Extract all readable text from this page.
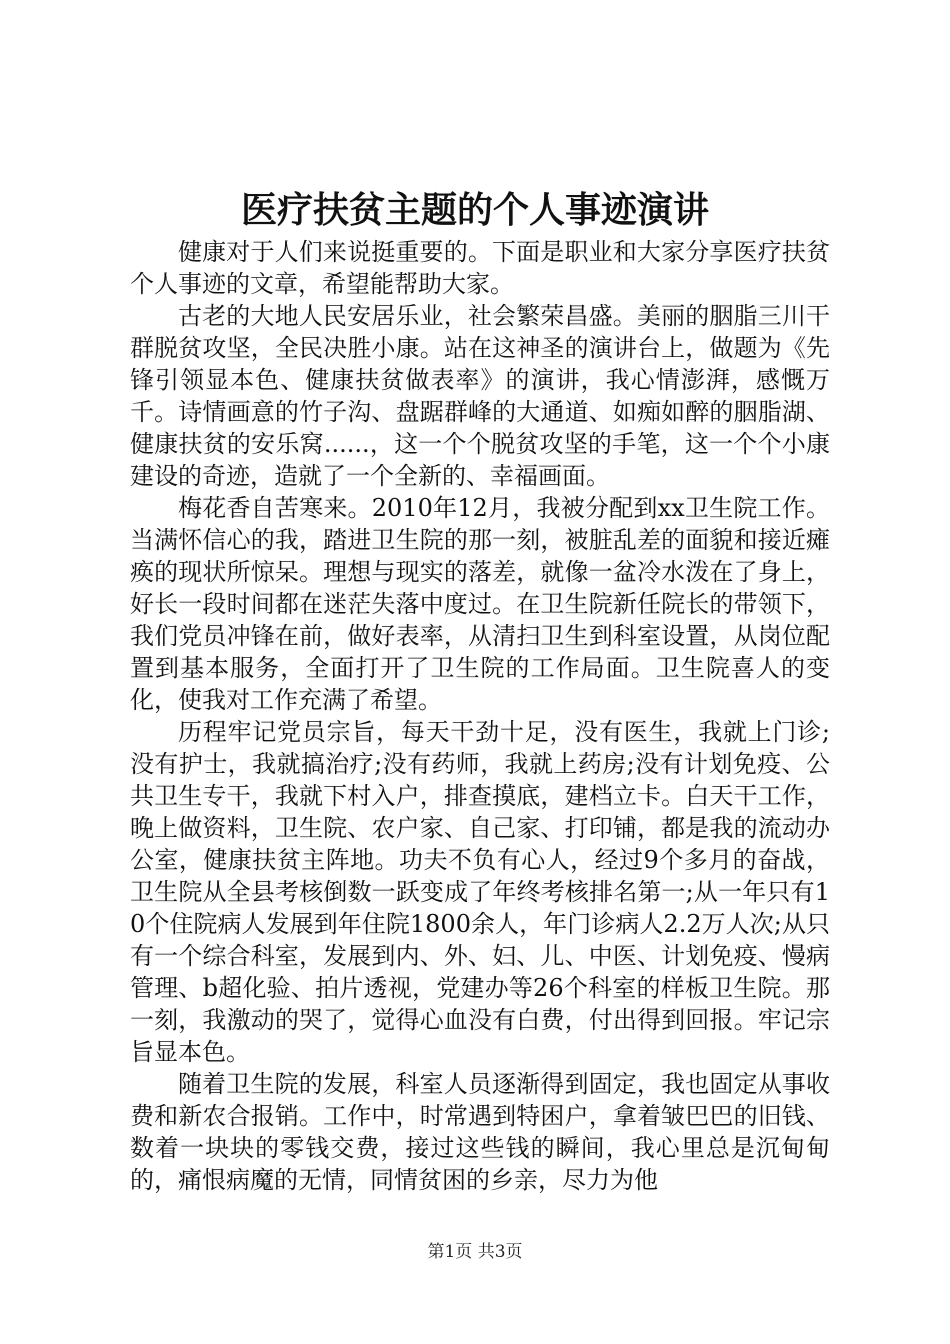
医疗扶贫主题的个人事迹演讲

健康对于人们来说挺重要的。下面是职业和大家分享医疗扶贫个人事迹的文章，希望能帮助大家。

古老的大地人民安居乐业，社会繁荣昌盛。美丽的胭脂三川干群脱贫攻坚，全民决胜小康。站在这神圣的演讲台上，做题为《先锋引领显本色、健康扶贫做表率》的演讲，我心情澎湃，感慨万千。诗情画意的竹子沟、盘踞群峰的大通道、如痴如醉的胭脂湖、健康扶贫的安乐窝......，这一个个脱贫攻坚的手笔，这一个个小康建设的奇迹，造就了一个全新的、幸福画面。

梅花香自苦寒来。2010年12月，我被分配到xx卫生院工作。当满怀信心的我，踏进卫生院的那一刻，被脏乱差的面貌和接近瘫痪的现状所惊呆。理想与现实的落差，就像一盆冷水泼在了身上，好长一段时间都在迷茫失落中度过。在卫生院新任院长的带领下，我们党员冲锋在前，做好表率，从清扫卫生到科室设置，从岗位配置到基本服务，全面打开了卫生院的工作局面。卫生院喜人的变化，使我对工作充满了希望。

历程牢记党员宗旨，每天干劲十足，没有医生，我就上门诊;没有护士，我就搞治疗;没有药师，我就上药房;没有计划免疫、公共卫生专干，我就下村入户，排查摸底，建档立卡。白天干工作，晚上做资料，卫生院、农户家、自己家、打印铺，都是我的流动办公室，健康扶贫主阵地。功夫不负有心人，经过9个多月的奋战，卫生院从全县考核倒数一跃变成了年终考核排名第一;从一年只有10个住院病人发展到年住院1800余人，年门诊病人2.2万人次;从只有一个综合科室，发展到内、外、妇、儿、中医、计划免疫、慢病管理、b超化验、拍片透视，党建办等26个科室的样板卫生院。那一刻，我激动的哭了，觉得心血没有白费，付出得到回报。牢记宗旨显本色。

随着卫生院的发展，科室人员逐渐得到固定，我也固定从事收费和新农合报销。工作中，时常遇到特困户，拿着皱巴巴的旧钱、数着一块块的零钱交费，接过这些钱的瞬间，我心里总是沉甸甸的，痛恨病魔的无情，同情贫困的乡亲，尽力为他

第1页 共3页
